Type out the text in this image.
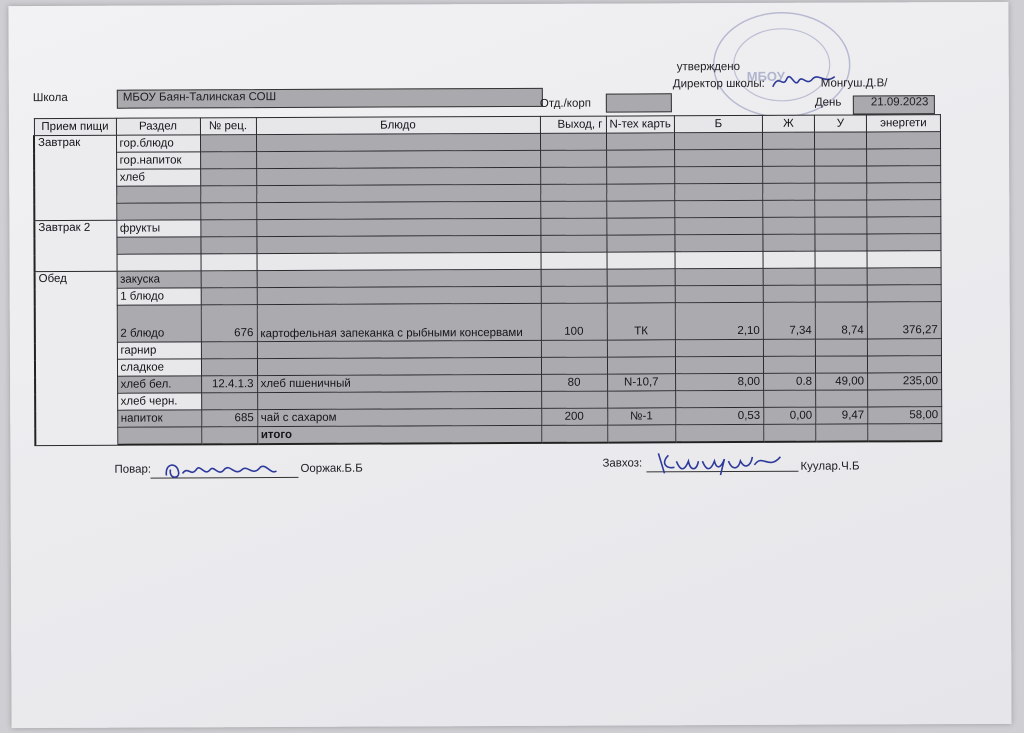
МБОУ
утверждено
Директор школы:	Монгуш.Д.В/
День	21.09.2023
Школа	МБОУ Баян-Талинская СОШ
Отд./корп
Прием пищи	Раздел	№ рец.	Блюдо	Выход, г	N-тех карть	Б	Ж	У	энергети
Завтрак	гор.блюдо								
	гор.напиток								
	хлеб								

Завтрак 2	фрукты								

Обед	закуска								
	1 блюдо								
	2 блюдо	676	картофельная запеканка с рыбными консервами	100	ТК	2,10	7,34	8,74	376,27
	гарнир								
	сладкое								
	хлеб бел.	12.4.1.3	хлеб пшеничный	80	N-10,7	8,00	0.8	49,00	235,00
	хлеб черн.								
	напиток	685	чай с сахаром	200	№-1	0,53	0,00	9,47	58,00
			итого						
Повар:
Ооржак
Ооржак.Б.Б	Завхоз:
Куулар
Куулар.Ч.Б
